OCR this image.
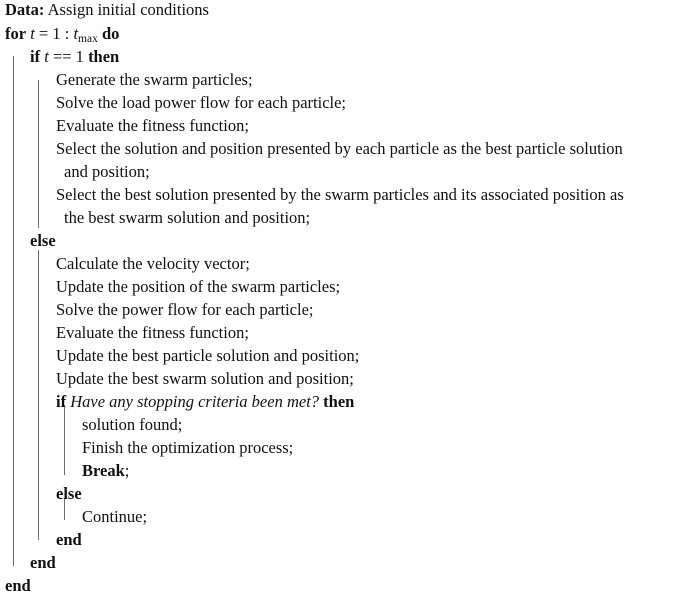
Data: Assign initial conditions
for t = 1 : $t_{max}$ do
if t == 1 then
Generate the swarm particles;
Solve the load power flow for each particle;
Evaluate the fitness function;
Select the solution and position presented by each particle as the best particle solution
and position;
Select the best solution presented by the swarm particles and its associated position as
the best swarm solution and position;
else
Calculate the velocity vector;
Update the position of the swarm particles;
Solve the power flow for each particle;
Evaluate the fitness function;
Update the best particle solution and position;
Update the best swarm solution and position;
if Have any stopping criteria been met? then
solution found;
Finish the optimization process;
Break;
else
Continue;
end
end
end
